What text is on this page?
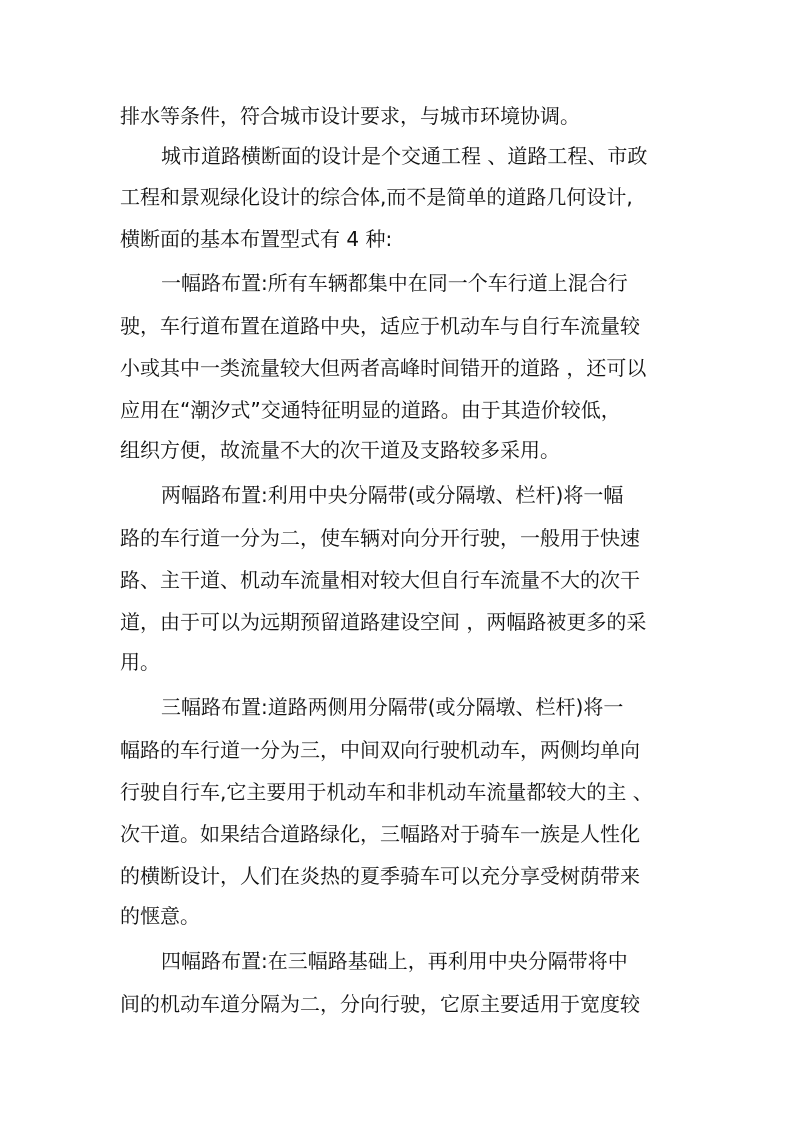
排水等条件，符合城市设计要求，与城市环境协调。
城市道路横断面的设计是个交通工程 、道路工程、市政
工程和景观绿化设计的综合体,而不是简单的道路几何设计,
横断面的基本布置型式有 4 种:
一幅路布置:所有车辆都集中在同一个车行道上混合行
驶，车行道布置在道路中央，适应于机动车与自行车流量较
小或其中一类流量较大但两者高峰时间错开的道路 ，还可以
应用在“潮汐式”交通特征明显的道路。由于其造价较低，
组织方便，故流量不大的次干道及支路较多采用。
两幅路布置:利用中央分隔带(或分隔墩、栏杆)将一幅
路的车行道一分为二，使车辆对向分开行驶，一般用于快速
路、主干道、机动车流量相对较大但自行车流量不大的次干
道，由于可以为远期预留道路建设空间 ，两幅路被更多的采
用。
三幅路布置:道路两侧用分隔带(或分隔墩、栏杆)将一
幅路的车行道一分为三，中间双向行驶机动车，两侧均单向
行驶自行车,它主要用于机动车和非机动车流量都较大的主 、
次干道。如果结合道路绿化，三幅路对于骑车一族是人性化
的横断设计，人们在炎热的夏季骑车可以充分享受树荫带来
的惬意。
四幅路布置:在三幅路基础上，再利用中央分隔带将中
间的机动车道分隔为二，分向行驶，它原主要适用于宽度较
